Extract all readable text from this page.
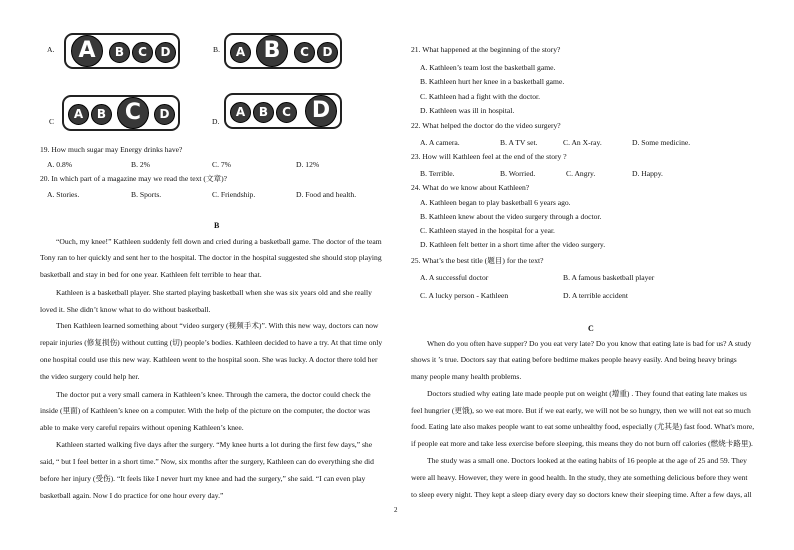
A.	A	B	C	D	B.	A B	C	D
C
A	B C	D
D.
A	B	C D
19. How much sugar may Energy drinks have?
A. 0.8%	B. 2%	C. 7%	D. 12%
20. In which part of a magazine may we read the text (文章)?
A. Stories.	B. Sports.	C. Friendship.	D. Food and health.
B
“Ouch, my knee!” Kathleen suddenly fell down and cried during a basketball game. The doctor of the team
Tony ran to her quickly and sent her to the hospital. The doctor in the hospital suggested she should stop playing
basketball and stay in bed for one year. Kathleen felt terrible to hear that.
Kathleen is a basketball player. She started playing basketball when she was six years old and she really
loved it. She didn’t know what to do without basketball.
Then Kathleen learned something about “video surgery (视频手术)”. With this new way, doctors can now
repair injuries (修复损伤) without cutting (切) people’s bodies. Kathleen decided to have a try. At that time only
one hospital could use this new way. Kathleen went to the hospital soon. She was lucky. A doctor there told her
the video surgery could help her.
The doctor put a very small camera in Kathleen’s knee. Through the camera, the doctor could check the
inside (里面) of Kathleen’s knee on a computer. With the help of the picture on the computer, the doctor was
able to make very careful repairs without opening Kathleen’s knee.
Kathleen started walking five days after the surgery. “My knee hurts a lot during the first few days,” she
said, “ but I feel better in a short time.” Now, six months after the surgery, Kathleen can do everything she did
before her injury (受伤). “It feels like I never hurt my knee and had the surgery,” she said. “I can even play
basketball again. Now I do practice for one hour every day.”
21. What happened at the beginning of the story?
A. Kathleen’s team lost the basketball game.
B. Kathleen hurt her knee in a basketball game.
C. Kathleen had a fight with the doctor.
D. Kathleen was ill in hospital.
22. What helped the doctor do the video surgery?
A. A camera.	B. A TV set.	C. An X-ray.	D. Some medicine.
23. How will Kathleen feel at the end of the story ?
B. Terrible.	B. Worried.	C. Angry.	D. Happy.
24. What do we know about Kathleen?
A. Kathleen began to play basketball 6 years ago.
B. Kathleen knew about the video surgery through a doctor.
C. Kathleen stayed in the hospital for a year.
D. Kathleen felt better in a short time after the video surgery.
25. What’s the best title (题目) for the text?
A. A successful doctor	B. A famous basketball player
C. A lucky person - Kathleen	D. A terrible accident
C
When do you often have supper? Do you eat very late? Do you know that eating late is bad for us? A study
shows it ’s true. Doctors say that eating before bedtime makes people heavy easily. And being heavy brings
many people many health problems.
Doctors studied why eating late made people put on weight (增重) . They found that eating late makes us
feel hungrier (更饿), so we eat more. But if we eat early, we will not be so hungry, then we will not eat so much
food. Eating late also makes people want to eat some unhealthy food, especially (尤其是) fast food. What's more,
if people eat more and take less exercise before sleeping, this means they do not burn off calories (燃烧卡路里).
The study was a small one. Doctors looked at the eating habits of 16 people at the age of 25 and 59. They
were all heavy. However, they were in good health. In the study, they ate something delicious before they went
to sleep every night. They kept a sleep diary every day so doctors knew their sleeping time. After a few days, all
2
